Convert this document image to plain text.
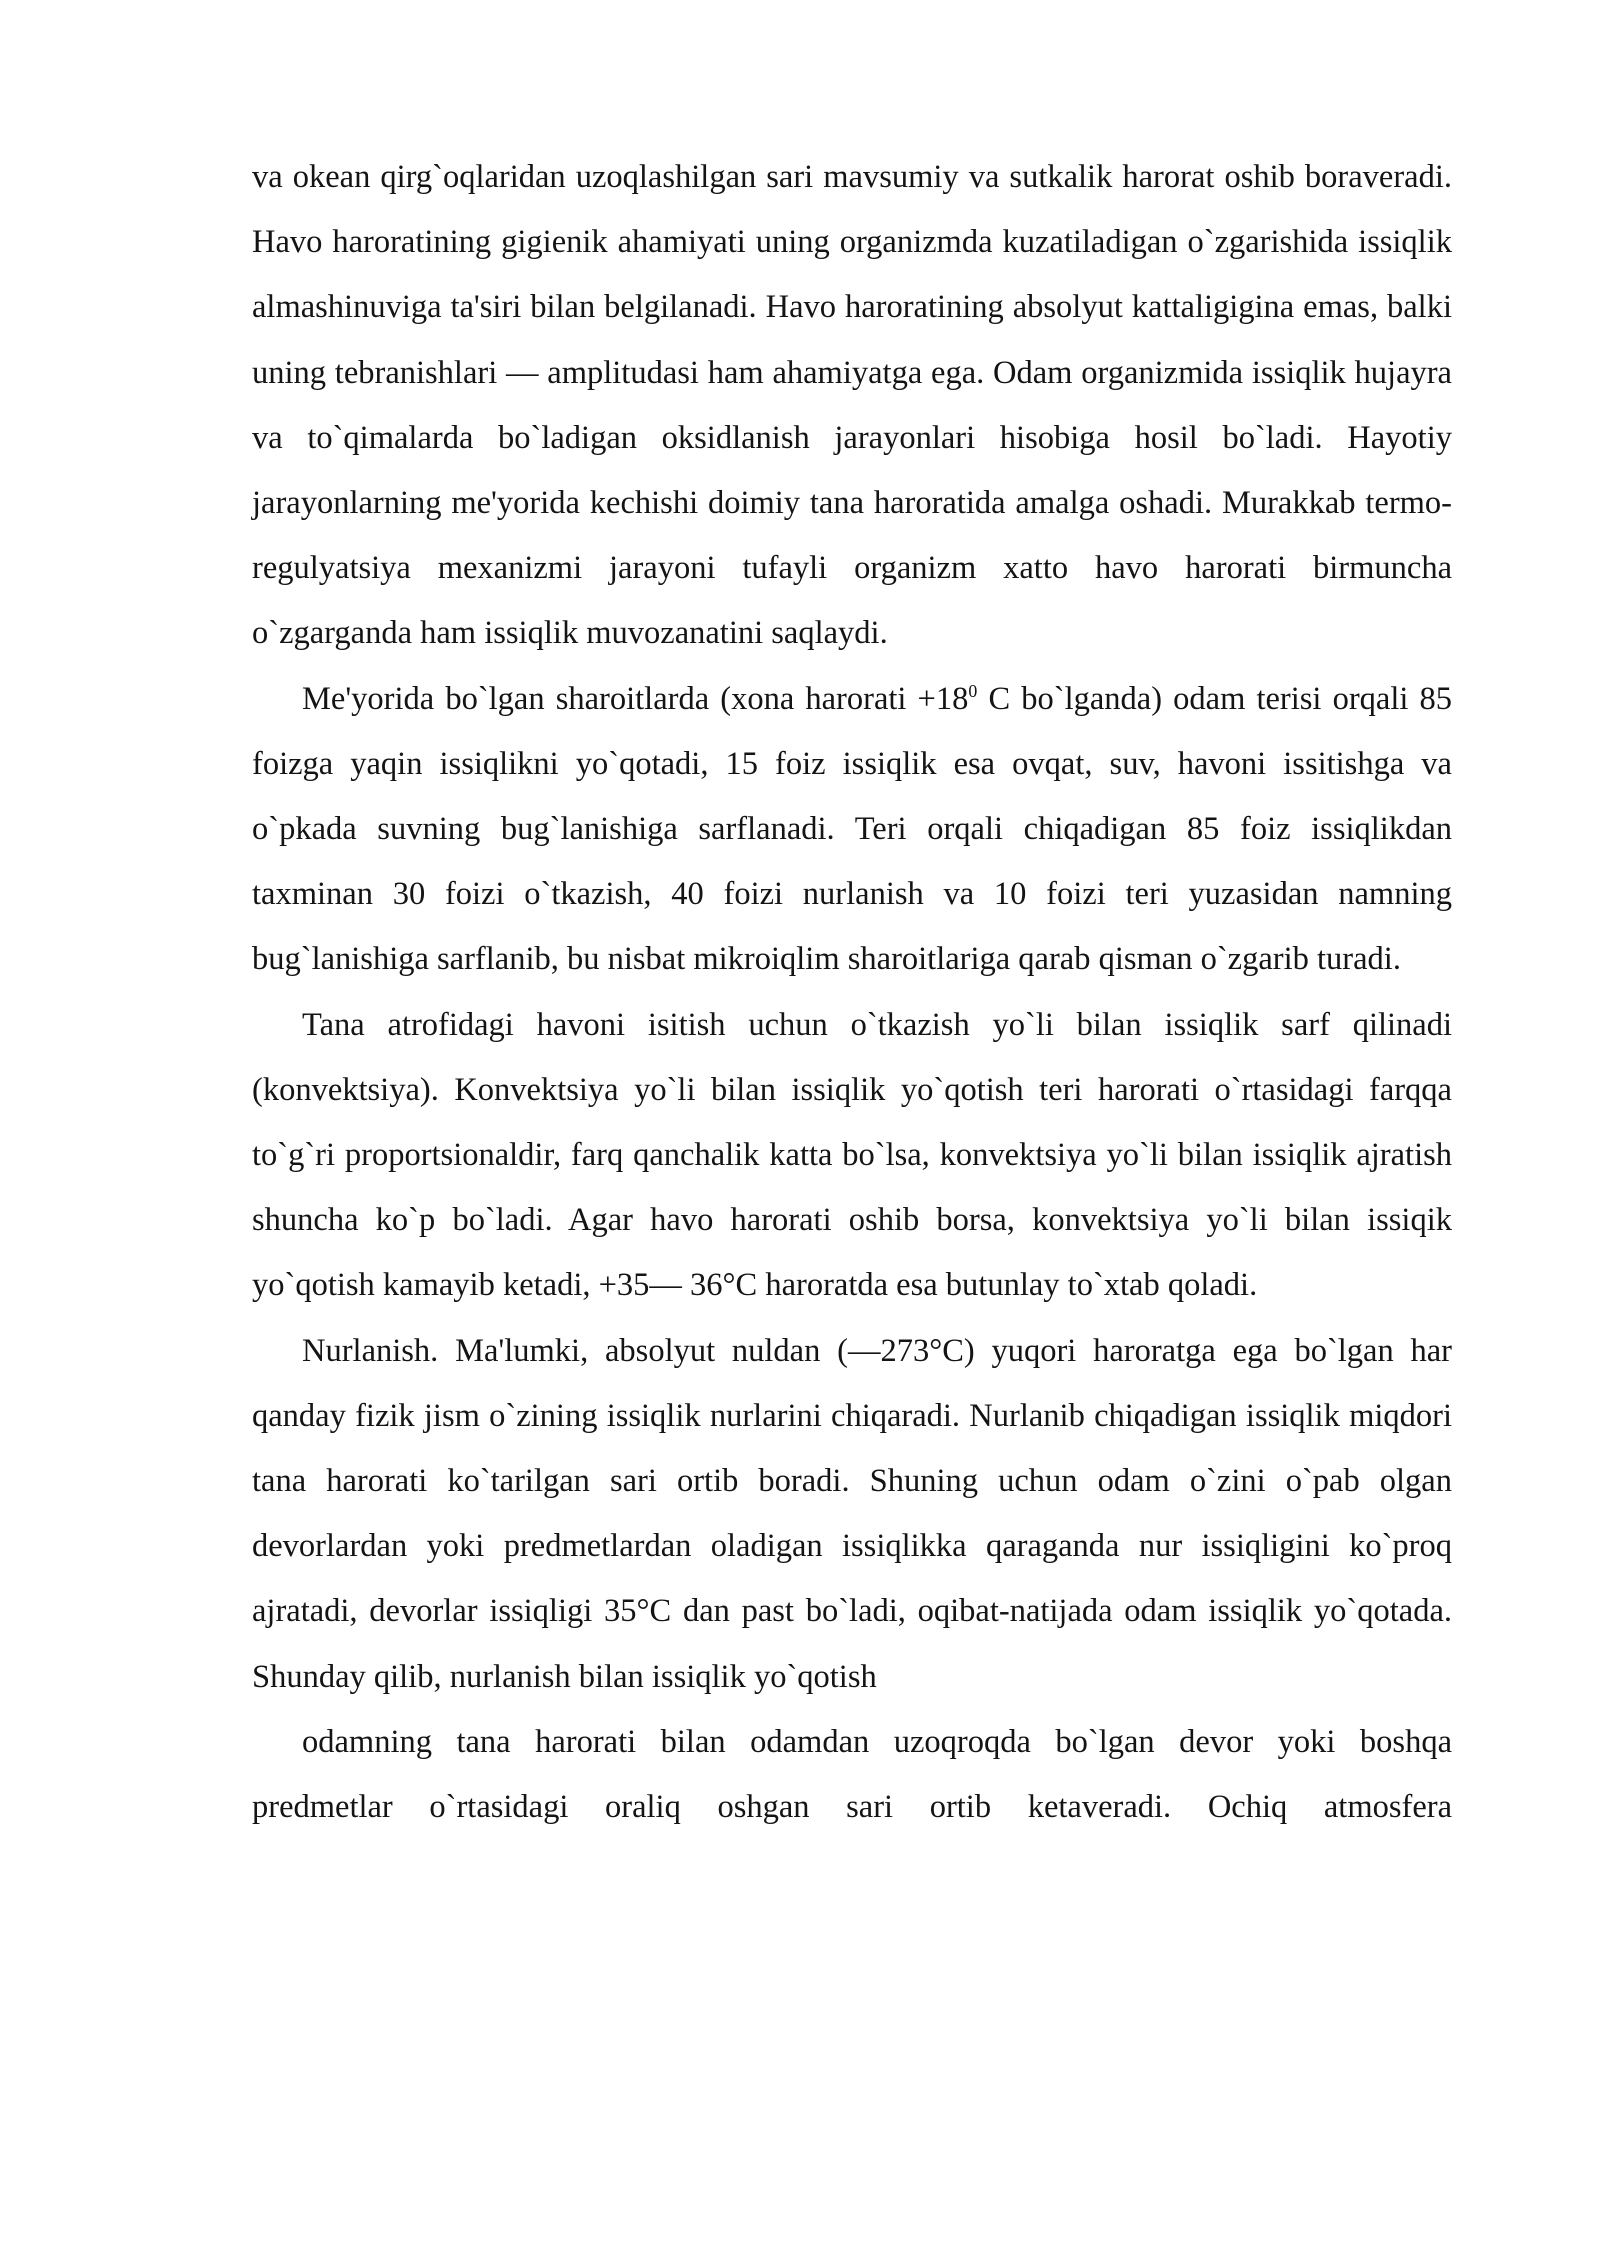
va okean qirg`oqlaridan uzoqlashilgan sari mavsumiy va sutkalik harorat oshib boraveradi. Havo haroratining gigienik ahamiyati uning organizmda kuzatiladigan o`zgarishida issiqlik almashinuviga ta'siri bilan belgilanadi. Havo haroratining absolyut kattaligigina emas, balki uning tebranishlari — amplitudasi ham ahamiyatga ega. Odam organizmida issiqlik hujayra va to`qimalarda bo`ladigan oksidlanish jarayonlari hisobiga hosil bo`ladi. Hayotiy jarayonlarning me'yorida kechishi doimiy tana haroratida amalga oshadi. Murakkab termo-regulyatsiya mexanizmi jarayoni tufayli organizm xatto havo harorati birmuncha o`zgarganda ham issiqlik muvozanatini saqlaydi.

Me'yorida bo`lgan sharoitlarda (xona harorati $+18^0$ C bo`lganda) odam terisi orqali 85 foizga yaqin issiqlikni yo`qotadi, 15 foiz issiqlik esa ovqat, suv, havoni issitishga va o`pkada suvning bug`lanishiga sarflanadi. Teri orqali chiqadigan 85 foiz issiqlikdan taxminan 30 foizi o`tkazish, 40 foizi nurlanish va 10 foizi teri yuzasidan namning bug`lanishiga sarflanib, bu nisbat mikroiqlim sharoitlariga qarab qisman o`zgarib turadi.

Tana atrofidagi havoni isitish uchun o`tkazish yo`li bilan issiqlik sarf qilinadi (konvektsiya). Konvektsiya yo`li bilan issiqlik yo`qotish teri harorati o`rtasidagi farqqa to`g`ri proportsionaldir, farq qanchalik katta bo`lsa, konvektsiya yo`li bilan issiqlik ajratish shuncha ko`p bo`ladi. Agar havo harorati oshib borsa, konvektsiya yo`li bilan issiqik yo`qotish kamayib ketadi, +35— 36°C haroratda esa butunlay to`xtab qoladi.

Nurlanish. Ma'lumki, absolyut nuldan (—273°C) yuqori haroratga ega bo`lgan har qanday fizik jism o`zining issiqlik nurlarini chiqaradi. Nurlanib chiqadigan issiqlik miqdori tana harorati ko`tarilgan sari ortib boradi. Shuning uchun odam o`zini o`pab olgan devorlardan yoki predmetlardan oladigan issiqlikka qaraganda nur issiqligini ko`proq ajratadi, devorlar issiqligi 35°C dan past bo`ladi, oqibat-natijada odam issiqlik yo`qotada. Shunday qilib, nurlanish bilan issiqlik yo`qotish

odamning tana harorati bilan odamdan uzoqroqda bo`lgan devor yoki boshqa predmetlar o`rtasidagi oraliq oshgan sari ortib ketaveradi. Ochiq atmosfera
